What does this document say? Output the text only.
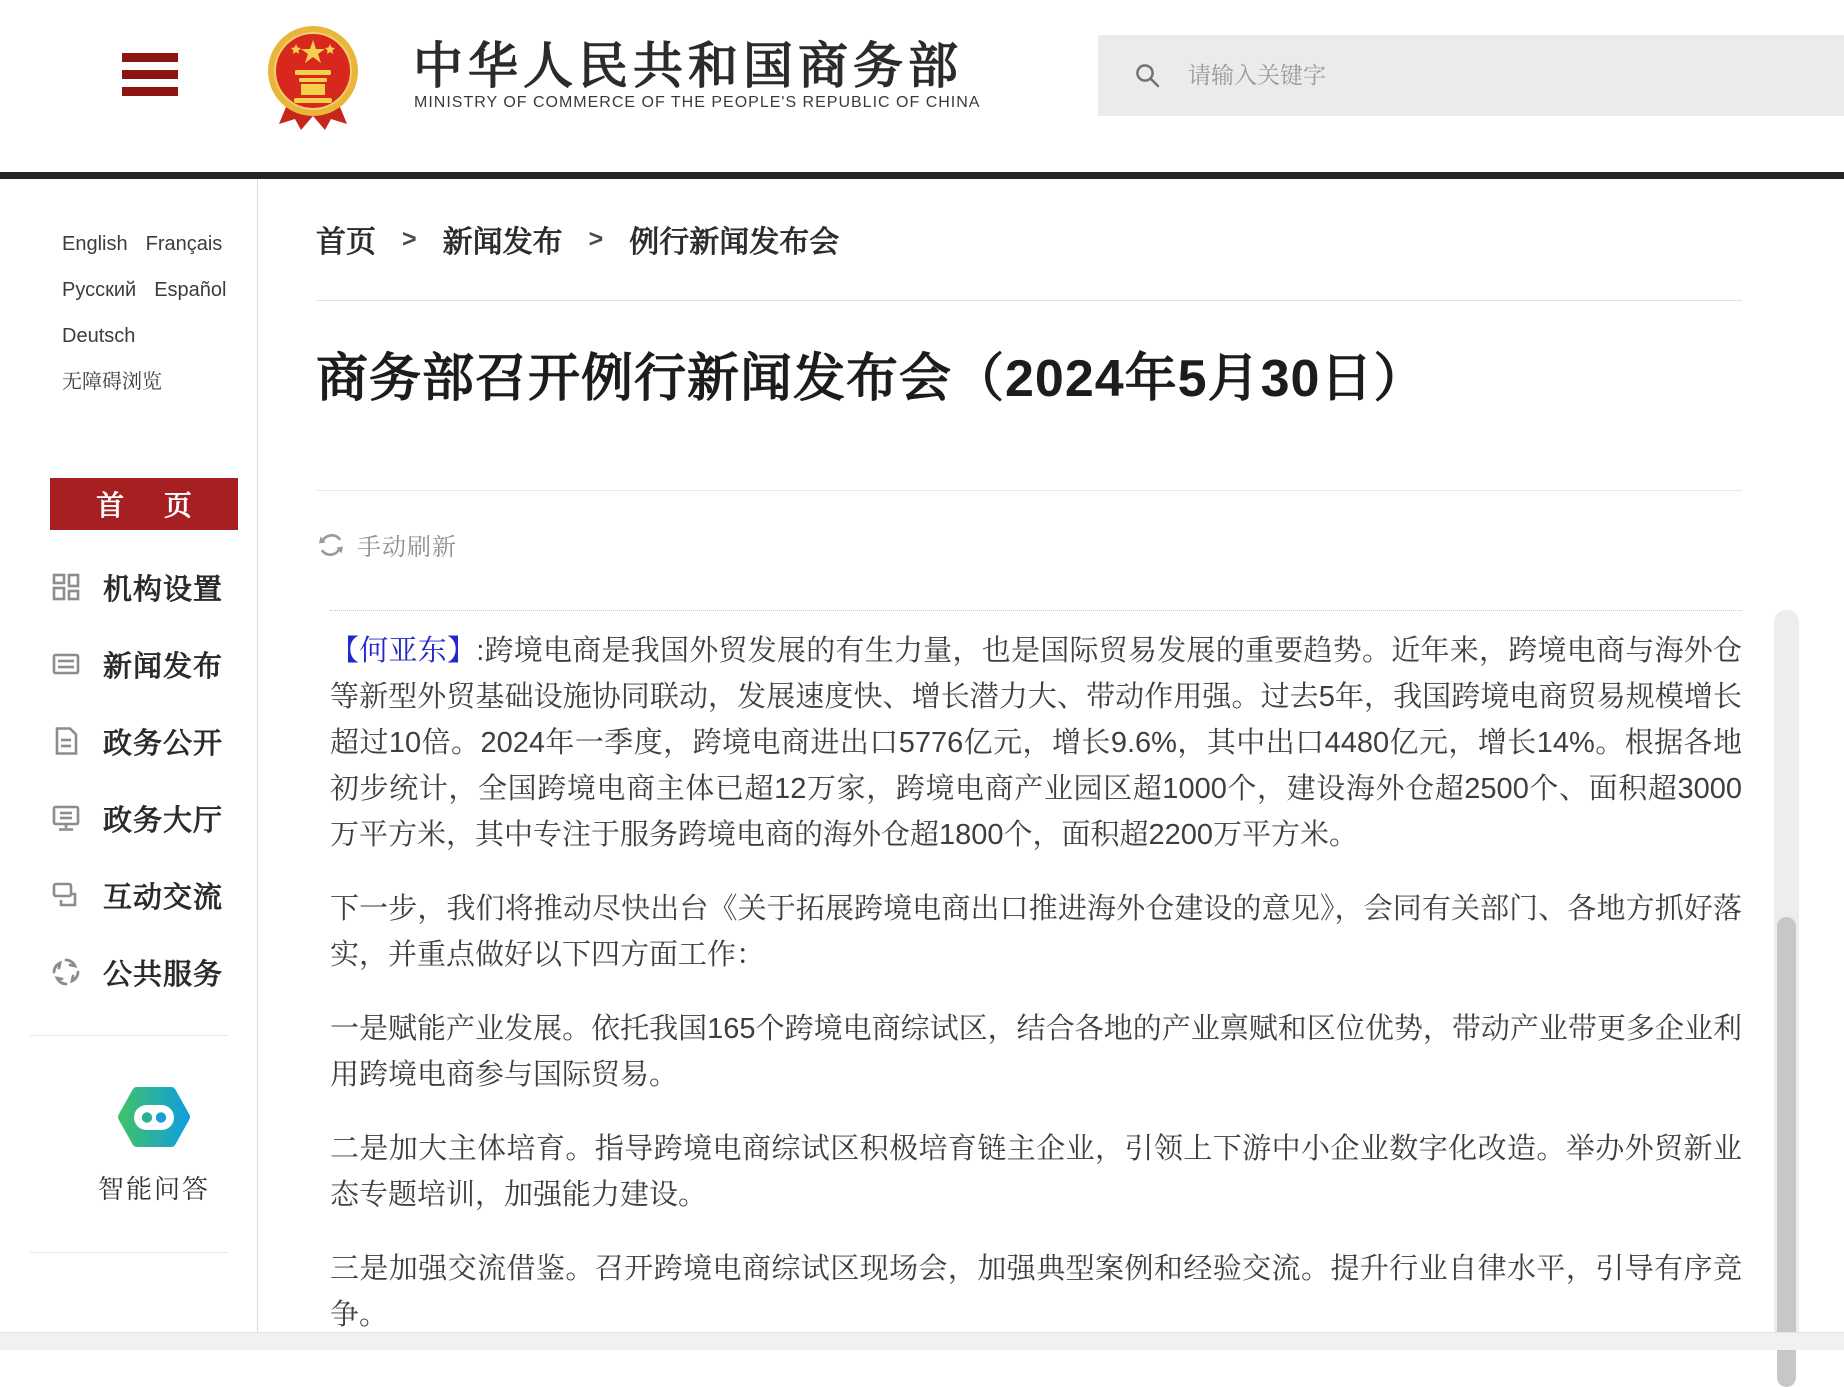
中华人民共和国商务部
MINISTRY OF COMMERCE OF THE PEOPLE'S REPUBLIC OF CHINA
请输入关键字
English Français
Русский Español
Deutsch
无障碍浏览
首 页
机构设置
新闻发布
政务公开
政务大厅
互动交流
公共服务
智能问答
首页 > 新闻发布 > 例行新闻发布会
商务部召开例行新闻发布会（2024年5月30日）
手动刷新

【何亚东】:跨境电商是我国外贸发展的有生力量，也是国际贸易发展的重要趋势。近年来，跨境电商与海外仓等新型外贸基础设施协同联动，发展速度快、增长潜力大、带动作用强。过去5年，我国跨境电商贸易规模增长超过10倍。2024年一季度，跨境电商进出口5776亿元，增长9.6%，其中出口4480亿元，增长14%。根据各地初步统计，全国跨境电商主体已超12万家，跨境电商产业园区超1000个，建设海外仓超2500个、面积超3000万平方米，其中专注于服务跨境电商的海外仓超1800个，面积超2200万平方米。

下一步，我们将推动尽快出台《关于拓展跨境电商出口推进海外仓建设的意见》，会同有关部门、各地方抓好落实，并重点做好以下四方面工作：

一是赋能产业发展。依托我国165个跨境电商综试区，结合各地的产业禀赋和区位优势，带动产业带更多企业利用跨境电商参与国际贸易。

二是加大主体培育。指导跨境电商综试区积极培育链主企业，引领上下游中小企业数字化改造。举办外贸新业态专题培训，加强能力建设。

三是加强交流借鉴。召开跨境电商综试区现场会，加强典型案例和经验交流。提升行业自律水平，引导有序竞争。
